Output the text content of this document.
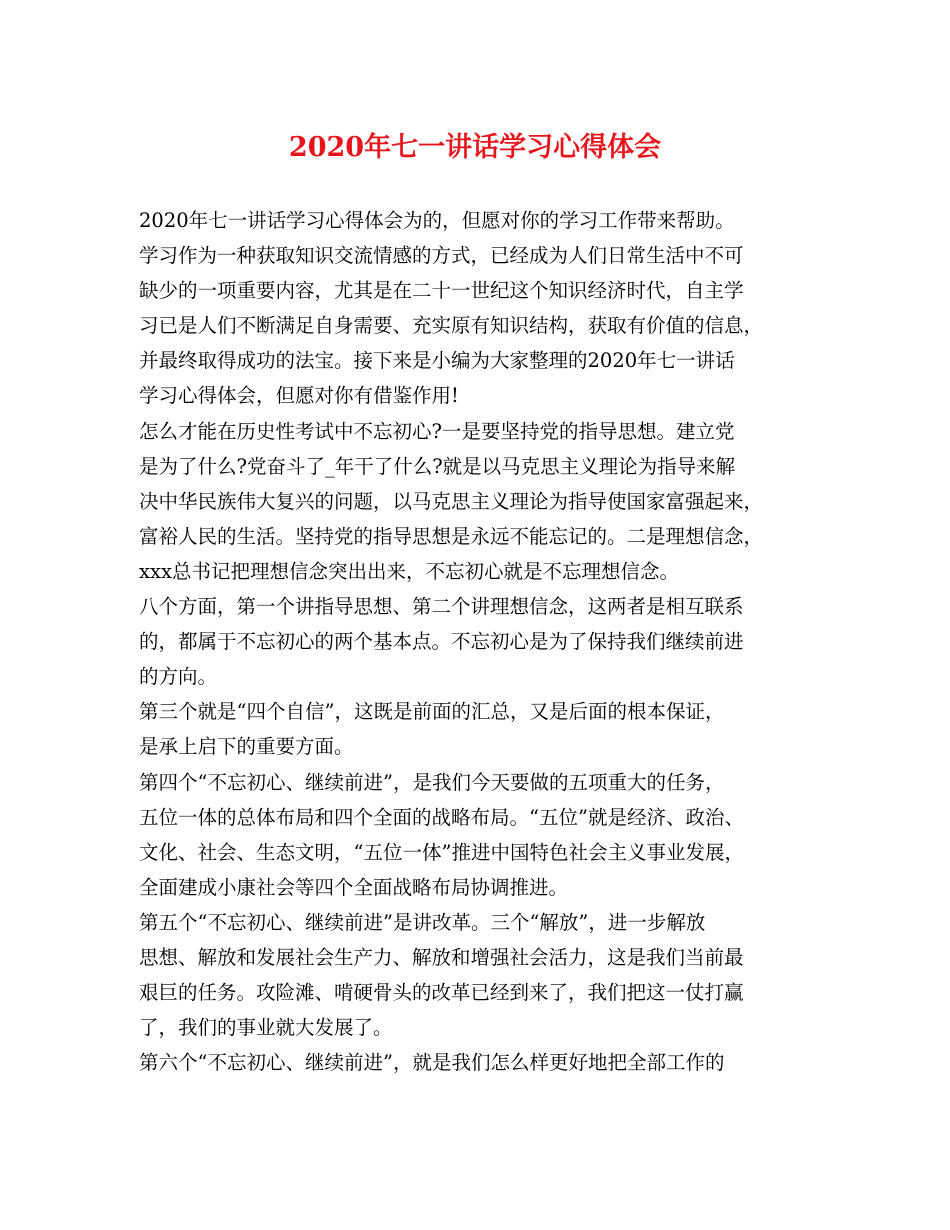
2020年七一讲话学习心得体会
2020年七一讲话学习心得体会为的，但愿对你的学习工作带来帮助。
学习作为一种获取知识交流情感的方式，已经成为人们日常生活中不可
缺少的一项重要内容，尤其是在二十一世纪这个知识经济时代，自主学
习已是人们不断满足自身需要、充实原有知识结构，获取有价值的信息，
并最终取得成功的法宝。接下来是小编为大家整理的2020年七一讲话
学习心得体会，但愿对你有借鉴作用!
怎么才能在历史性考试中不忘初心?一是要坚持党的指导思想。建立党
是为了什么?党奋斗了_年干了什么?就是以马克思主义理论为指导来解
决中华民族伟大复兴的问题，以马克思主义理论为指导使国家富强起来，
富裕人民的生活。坚持党的指导思想是永远不能忘记的。二是理想信念，
xxx总书记把理想信念突出出来，不忘初心就是不忘理想信念。
八个方面，第一个讲指导思想、第二个讲理想信念，这两者是相互联系
的，都属于不忘初心的两个基本点。不忘初心是为了保持我们继续前进
的方向。
第三个就是“四个自信”，这既是前面的汇总，又是后面的根本保证，
是承上启下的重要方面。
第四个“不忘初心、继续前进”，是我们今天要做的五项重大的任务，
五位一体的总体布局和四个全面的战略布局。“五位”就是经济、政治、
文化、社会、生态文明，“五位一体”推进中国特色社会主义事业发展，
全面建成小康社会等四个全面战略布局协调推进。
第五个“不忘初心、继续前进”是讲改革。三个“解放”，进一步解放
思想、解放和发展社会生产力、解放和增强社会活力，这是我们当前最
艰巨的任务。攻险滩、啃硬骨头的改革已经到来了，我们把这一仗打赢
了，我们的事业就大发展了。
第六个“不忘初心、继续前进”，就是我们怎么样更好地把全部工作的
